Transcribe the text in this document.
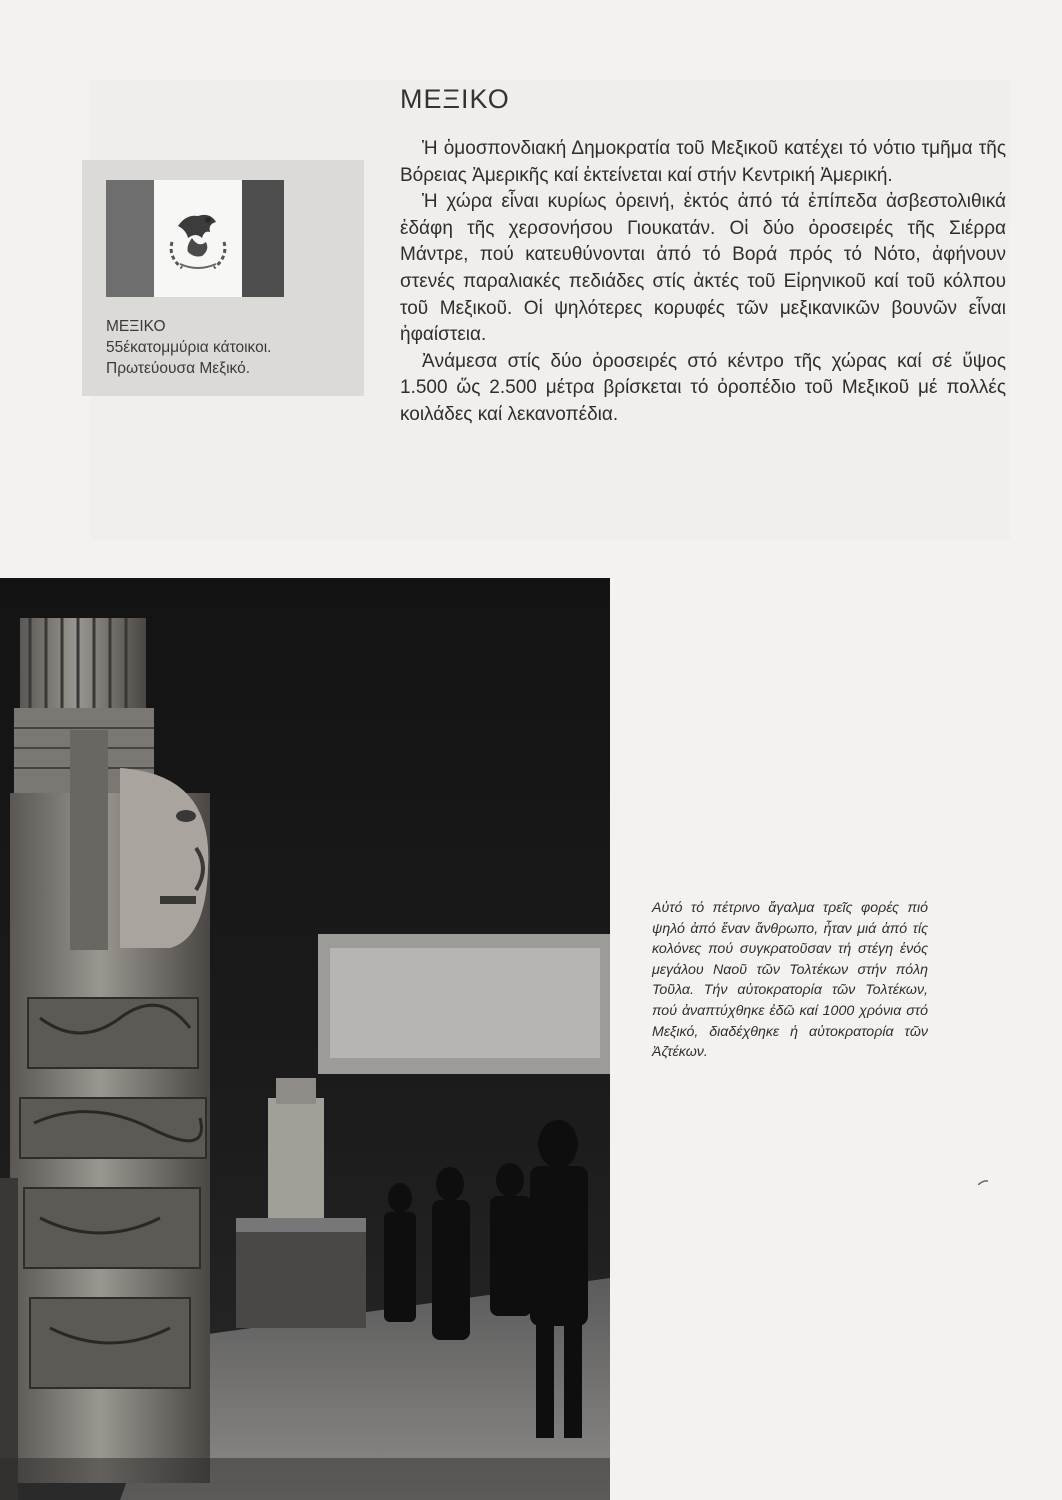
ΜΕΞΙΚΟ
ΜΕΞΙΚΟ
55έκατομμύρια κάτοικοι.
Πρωτεύουσα Μεξικό.

Ἡ ὁμοσπονδιακή Δημοκρατία τοῦ Μεξικοῦ κατέχει τό νότιο τμῆμα τῆς Βόρειας Ἀμερικῆς καί ἐκτείνεται καί στήν Κεντρική Ἀμερική.

Ἡ χώρα εἶναι κυρίως ὀρεινή, ἐκτός ἀπό τά ἐπίπεδα ἀσβεστολιθικά ἐδάφη τῆς χερσονήσου Γιουκατάν. Οἱ δύο ὀροσειρές τῆς Σιέρρα Μάντρε, πού κατευθύνονται ἀπό τό Βορά πρός τό Νότο, ἀφήνουν στενές παραλιακές πεδιάδες στίς ἀκτές τοῦ Εἰρηνικοῦ καί τοῦ κόλπου τοῦ Μεξικοῦ. Οἱ ψηλότερες κορυφές τῶν μεξικανικῶν βουνῶν εἶναι ἡφαίστεια.

Ἀνάμεσα στίς δύο ὀροσειρές στό κέντρο τῆς χώρας καί σέ ὕψος 1.500 ὥς 2.500 μέτρα βρίσκεται τό ὀροπέδιο τοῦ Μεξικοῦ μέ πολλές κοιλάδες καί λεκανοπέδια.

Αὐτό τό πέτρινο ἄγαλμα τρεῖς φορές πιό ψηλό ἀπό ἕναν ἄνθρωπο, ἦταν μιά ἀπό τίς κολόνες πού συγκρατοῦσαν τή στέγη ἑνός μεγάλου Ναοῦ τῶν Τολτέκων στήν πόλη Τοῦλα. Τήν αὐτοκρατορία τῶν Τολτέκων, πού ἀναπτύχθηκε ἐδῶ καί 1000 χρόνια στό Μεξικό, διαδέχθηκε ἡ αὐτοκρατορία τῶν Ἀζτέκων.
